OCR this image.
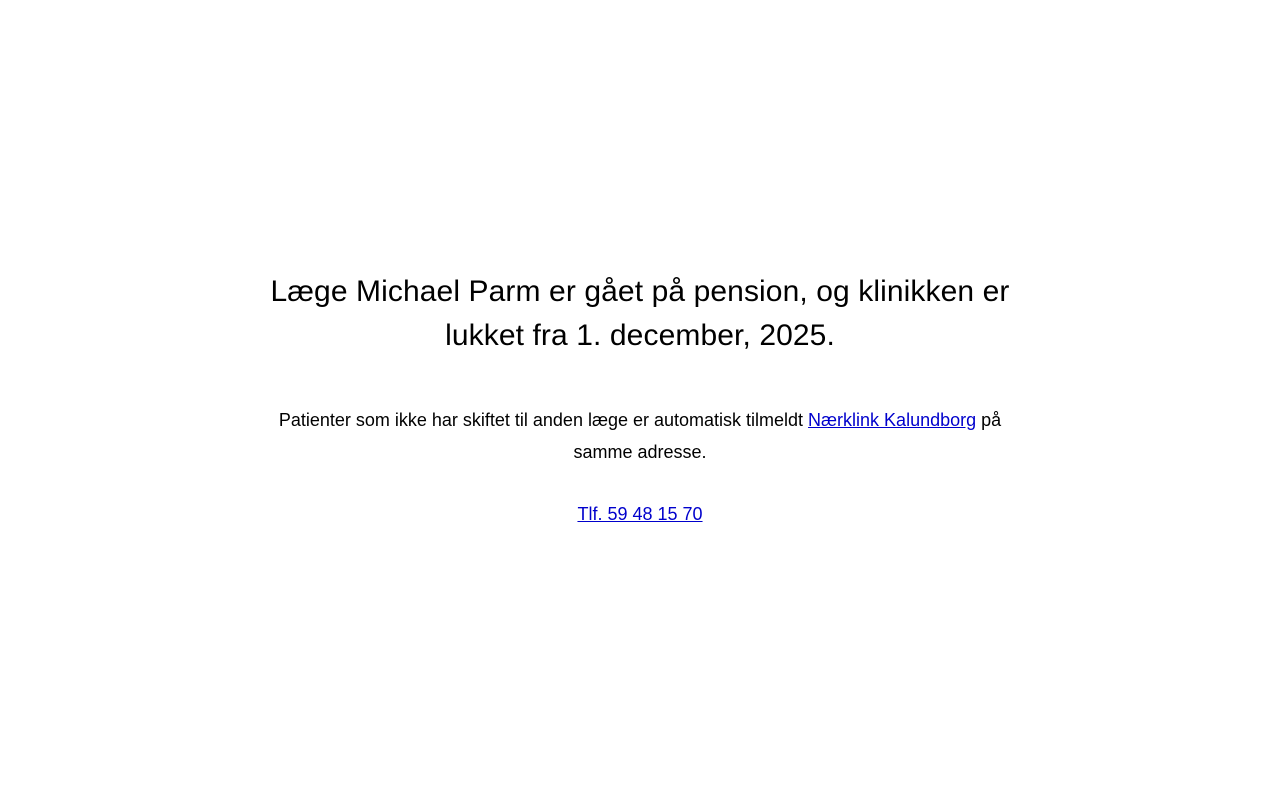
Læge Michael Parm er gået på pension, og klinikken er lukket fra 1. december, 2025.

Patienter som ikke har skiftet til anden læge er automatisk tilmeldt Nærklink Kalundborg på samme adresse.

Tlf. 59 48 15 70
